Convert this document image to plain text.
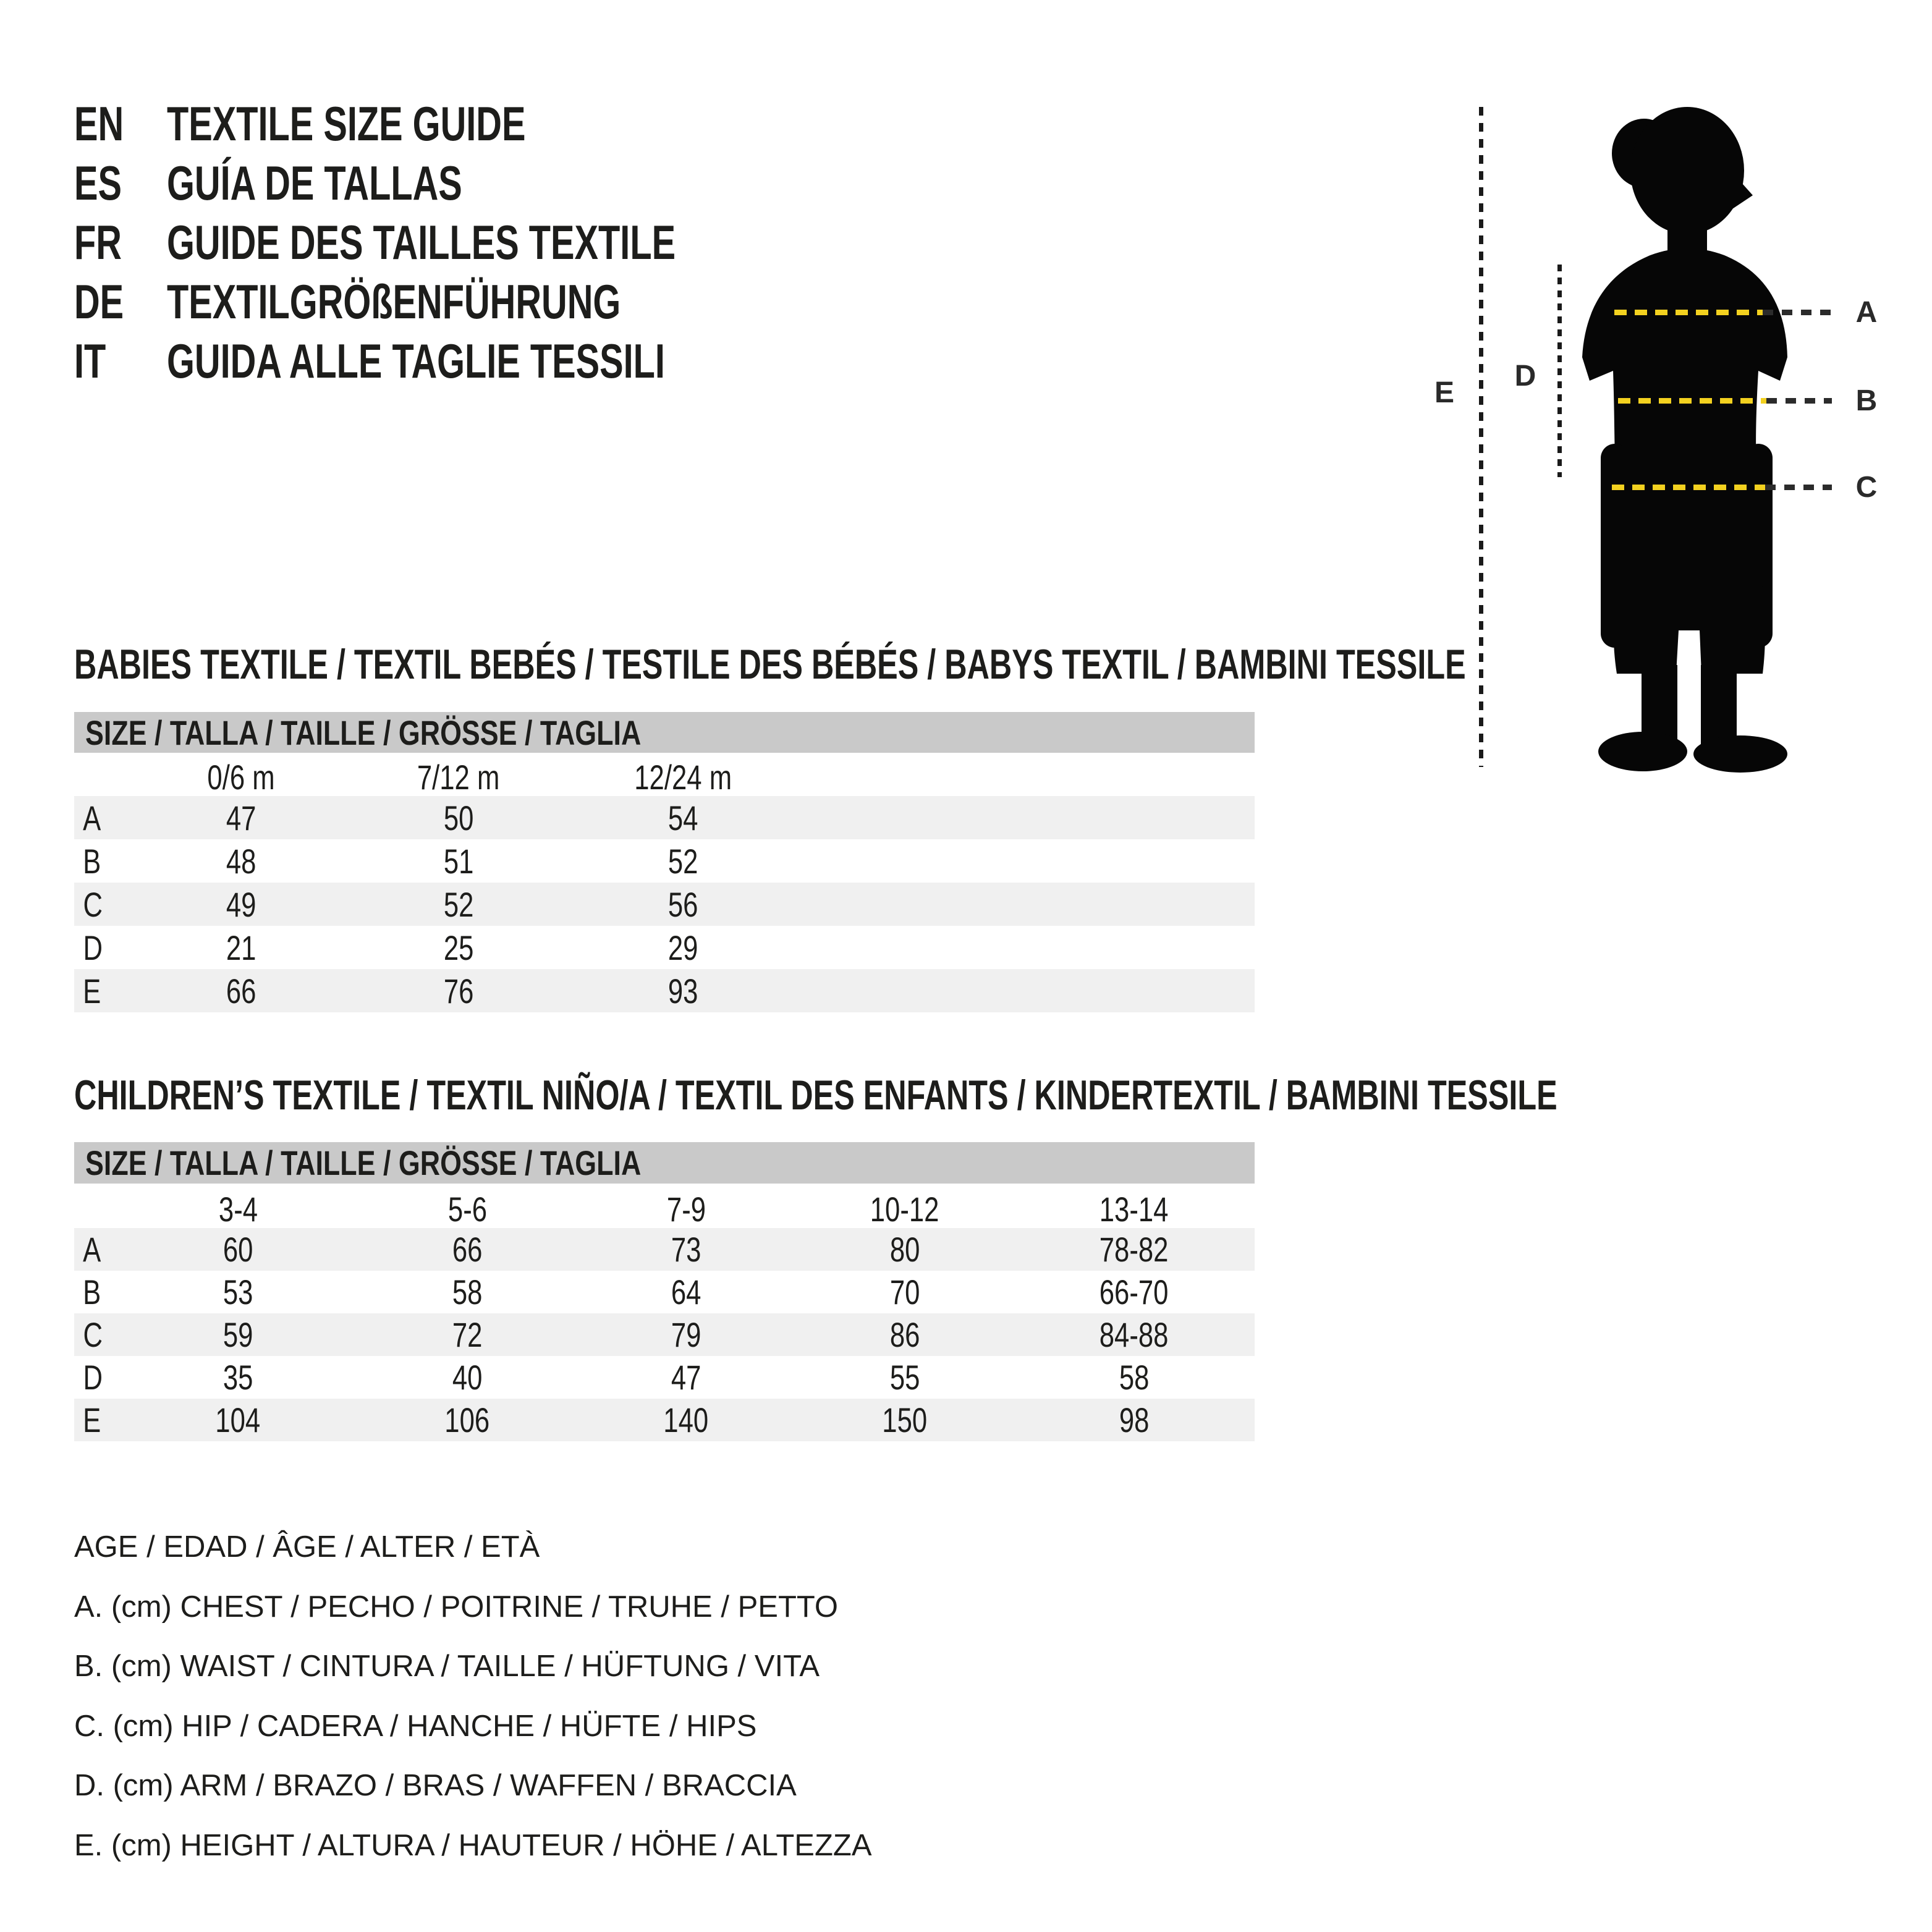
EN TEXTILE SIZE GUIDE
ES GUÍA DE TALLAS
FR GUIDE DES TAILLES TEXTILE
DE TEXTILGRÖßENFÜHRUNG
IT GUIDA ALLE TAGLIE TESSILI
E
D
A
B
C
BABIES TEXTILE / TEXTIL BEBÉS / TESTILE DES BÉBÉS / BABYS TEXTIL / BAMBINI TESSILE
SIZE / TALLA / TAILLE / GRÖSSE / TAGLIA
0/6 m	7/12 m	12/24 m
A	47	50	54
B	48	51	52
C	49	52	56
D	21	25	29
E	66	76	93
CHILDREN’S TEXTILE / TEXTIL NIÑO/A / TEXTIL DES ENFANTS / KINDERTEXTIL / BAMBINI TESSILE
SIZE / TALLA / TAILLE / GRÖSSE / TAGLIA
3-4	5-6	7-9	10-12	13-14
A	60	66	73	80	78-82
B	53	58	64	70	66-70
C	59	72	79	86	84-88
D	35	40	47	55	58
E	104	106	140	150	98
AGE / EDAD / ÂGE / ALTER / ETÀ
A. (cm) CHEST / PECHO / POITRINE / TRUHE / PETTO
B. (cm) WAIST / CINTURA / TAILLE / HÜFTUNG / VITA
C. (cm) HIP / CADERA / HANCHE / HÜFTE / HIPS
D. (cm) ARM / BRAZO / BRAS / WAFFEN / BRACCIA
E. (cm) HEIGHT / ALTURA / HAUTEUR / HÖHE / ALTEZZA
